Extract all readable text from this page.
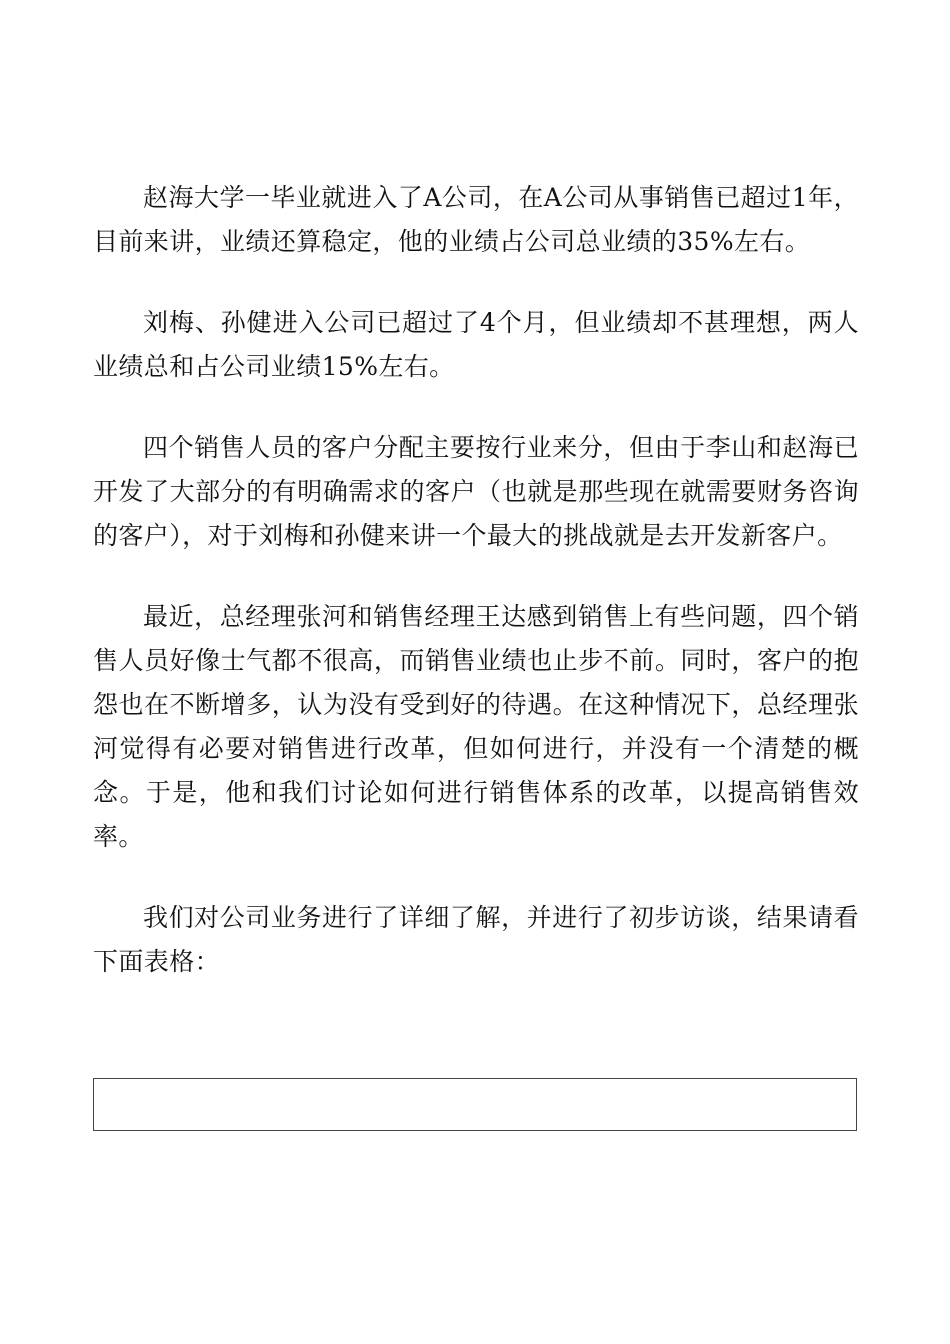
赵海大学一毕业就进入了A公司，在A公司从事销售已超过1年，目前来讲，业绩还算稳定，他的业绩占公司总业绩的35%左右。

刘梅、孙健进入公司已超过了4个月，但业绩却不甚理想，两人业绩总和占公司业绩15%左右。

四个销售人员的客户分配主要按行业来分，但由于李山和赵海已开发了大部分的有明确需求的客户（也就是那些现在就需要财务咨询的客户），对于刘梅和孙健来讲一个最大的挑战就是去开发新客户。

最近，总经理张河和销售经理王达感到销售上有些问题，四个销售人员好像士气都不很高，而销售业绩也止步不前。同时，客户的抱怨也在不断增多，认为没有受到好的待遇。在这种情况下，总经理张河觉得有必要对销售进行改革，但如何进行，并没有一个清楚的概念。于是，他和我们讨论如何进行销售体系的改革，以提高销售效率。

我们对公司业务进行了详细了解，并进行了初步访谈，结果请看下面表格：
